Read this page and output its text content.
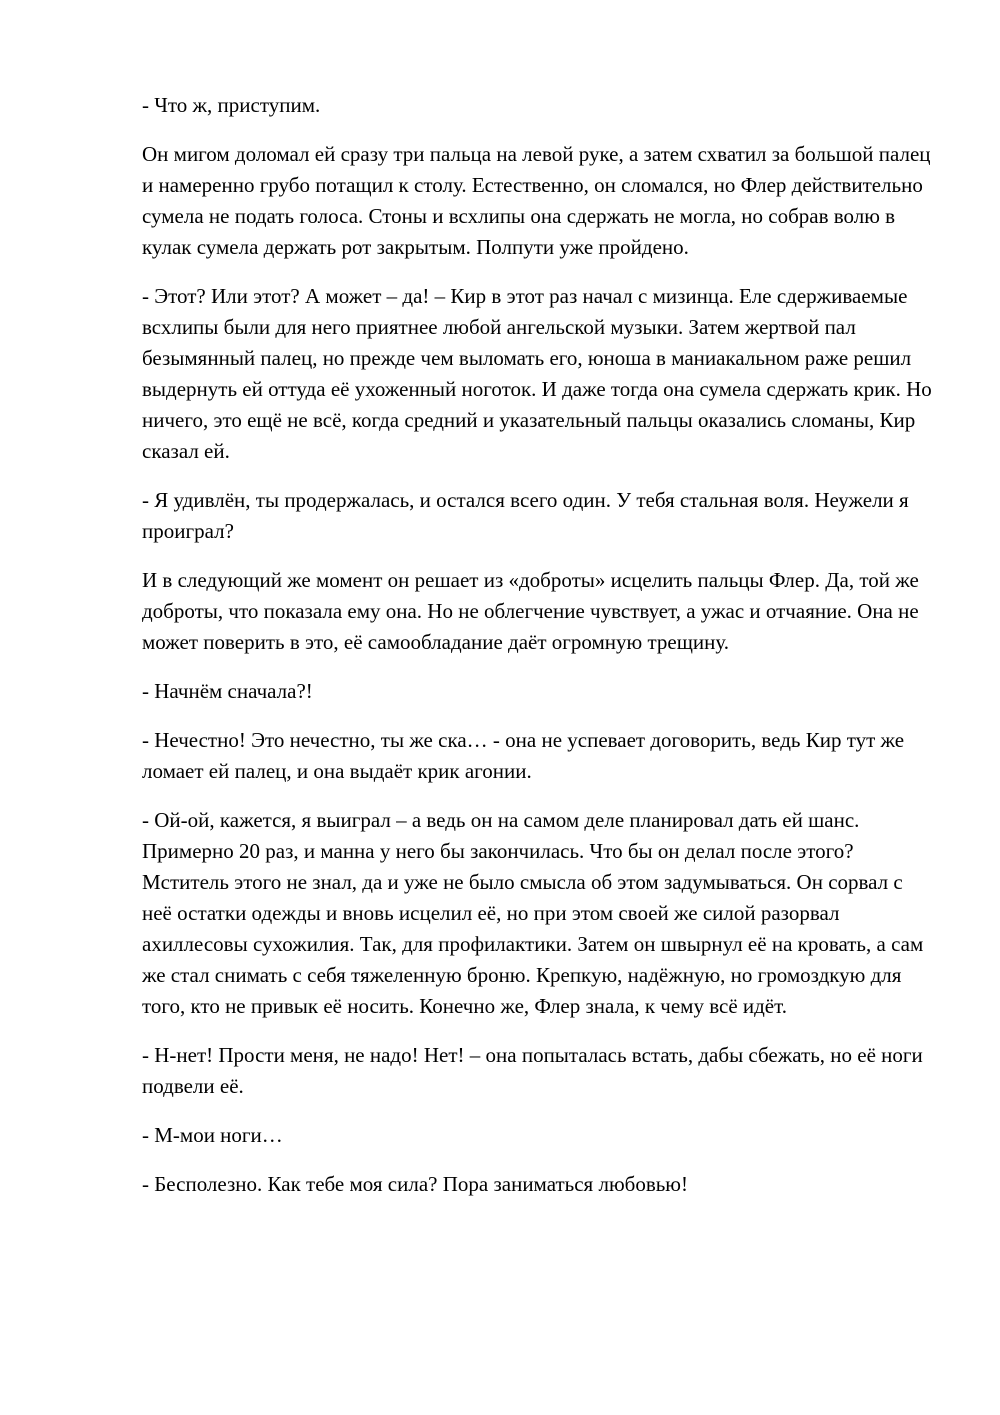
- Что ж, приступим.

Он мигом доломал ей сразу три пальца на левой руке, а затем схватил за большой палец и намеренно грубо потащил к столу. Естественно, он сломался, но Флер действительно сумела не подать голоса. Стоны и всхлипы она сдержать не могла, но собрав волю в кулак сумела держать рот закрытым. Полпути уже пройдено.

- Этот? Или этот? А может – да! – Кир в этот раз начал с мизинца. Еле сдерживаемые всхлипы были для него приятнее любой ангельской музыки. Затем жертвой пал безымянный палец, но прежде чем выломать его, юноша в маниакальном раже решил выдернуть ей оттуда её ухоженный ноготок. И даже тогда она сумела сдержать крик. Но ничего, это ещё не всё, когда средний и указательный пальцы оказались сломаны, Кир сказал ей.

- Я удивлён, ты продержалась, и остался всего один. У тебя стальная воля. Неужели я проиграл?

И в следующий же момент он решает из «доброты» исцелить пальцы Флер. Да, той же доброты, что показала ему она. Но не облегчение чувствует, а ужас и отчаяние. Она не может поверить в это, её самообладание даёт огромную трещину.

- Начнём сначала?!

- Нечестно! Это нечестно, ты же ска… - она не успевает договорить, ведь Кир тут же ломает ей палец, и она выдаёт крик агонии.

- Ой-ой, кажется, я выиграл – а ведь он на самом деле планировал дать ей шанс. Примерно 20 раз, и манна у него бы закончилась. Что бы он делал после этого? Мститель этого не знал, да и уже не было смысла об этом задумываться. Он сорвал с неё остатки одежды и вновь исцелил её, но при этом своей же силой разорвал ахиллесовы сухожилия. Так, для профилактики. Затем он швырнул её на кровать, а сам же стал снимать с себя тяжеленную броню. Крепкую, надёжную, но громоздкую для того, кто не привык её носить. Конечно же, Флер знала, к чему всё идёт.

- Н-нет! Прости меня, не надо! Нет! – она попыталась встать, дабы сбежать, но её ноги подвели её.

- М-мои ноги…

- Бесполезно. Как тебе моя сила? Пора заниматься любовью!
